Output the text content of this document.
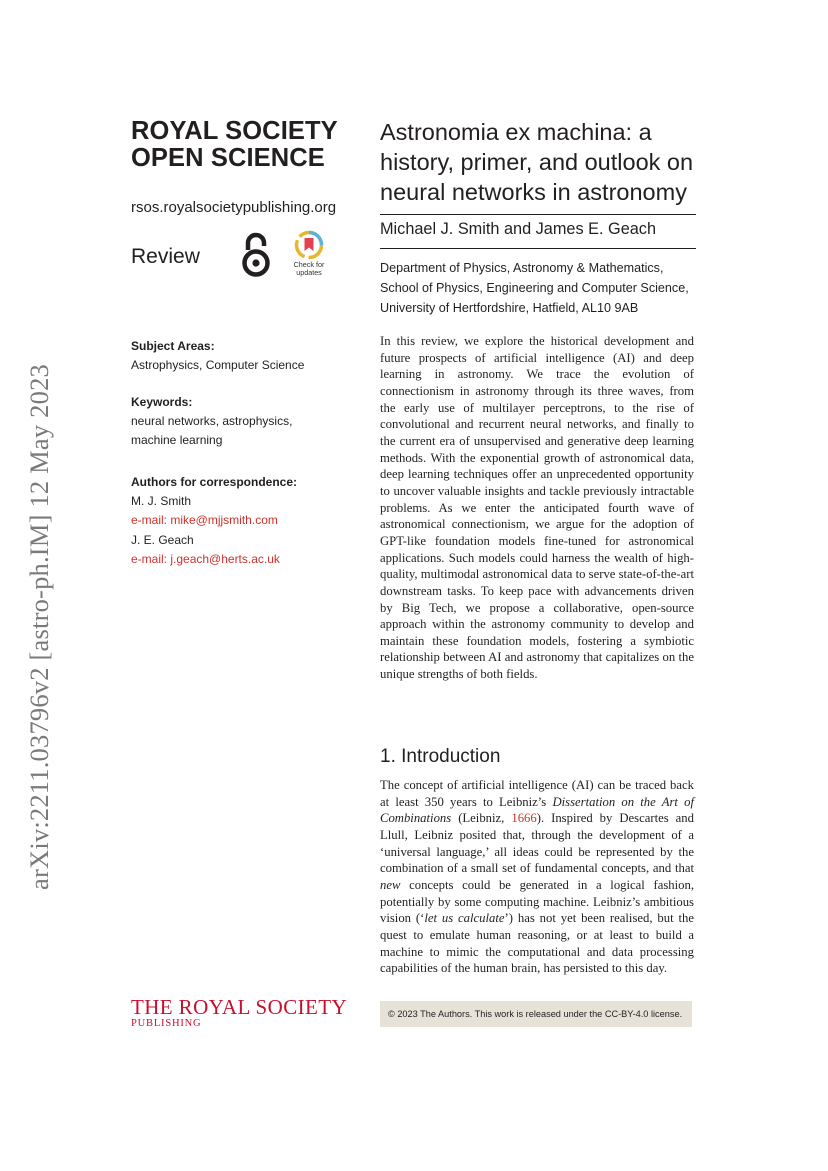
arXiv:2211.03796v2 [astro-ph.IM] 12 May 2023
ROYAL SOCIETY
OPEN SCIENCE
rsos.royalsocietypublishing.org
Review	Check for
updates
Subject Areas:
Astrophysics, Computer Science
Keywords:
neural networks, astrophysics,
machine learning
Authors for correspondence:
M. J. Smith
e-mail: mike@mjjsmith.com
J. E. Geach
e-mail: j.geach@herts.ac.uk
Astronomia ex machina: a
history, primer, and outlook on
neural networks in astronomy
Michael J. Smith and James E. Geach
Department of Physics, Astronomy & Mathematics,
School of Physics, Engineering and Computer Science,
University of Hertfordshire, Hatfield, AL10 9AB
In this review, we explore the historical development and future prospects of artificial intelligence (AI) and deep learning in astronomy. We trace the evolution of connectionism in astronomy through its three waves, from the early use of multilayer perceptrons, to the rise of convolutional and recurrent neural networks, and finally to the current era of unsupervised and generative deep learning methods. With the exponential growth of astronomical data, deep learning techniques offer an unprecedented opportunity to uncover valuable insights and tackle previously intractable problems. As we enter the anticipated fourth wave of astronomical connectionism, we argue for the adoption of GPT-like foundation models fine-tuned for astronomical applications. Such models could harness the wealth of high-quality, multimodal astronomical data to serve state-of-the-art downstream tasks. To keep pace with advancements driven by Big Tech, we propose a collaborative, open-source approach within the astronomy community to develop and maintain these foundation models, fostering a symbiotic relationship between AI and astronomy that capitalizes on the unique strengths of both fields.
1. Introduction
The concept of artificial intelligence (AI) can be traced back at least 350 years to Leibniz’s Dissertation on the Art of Combinations (Leibniz, 1666). Inspired by Descartes and Llull, Leibniz posited that, through the development of a ‘universal language,’ all ideas could be represented by the combination of a small set of fundamental concepts, and that new concepts could be generated in a logical fashion, potentially by some computing machine. Leibniz’s ambitious vision (‘let us calculate’) has not yet been realised, but the quest to emulate human reasoning, or at least to build a machine to mimic the computational and data processing capabilities of the human brain, has persisted to this day.
THE ROYAL SOCIETY
PUBLISHING
© 2023 The Authors. This work is released under the CC-BY-4.0 license.
